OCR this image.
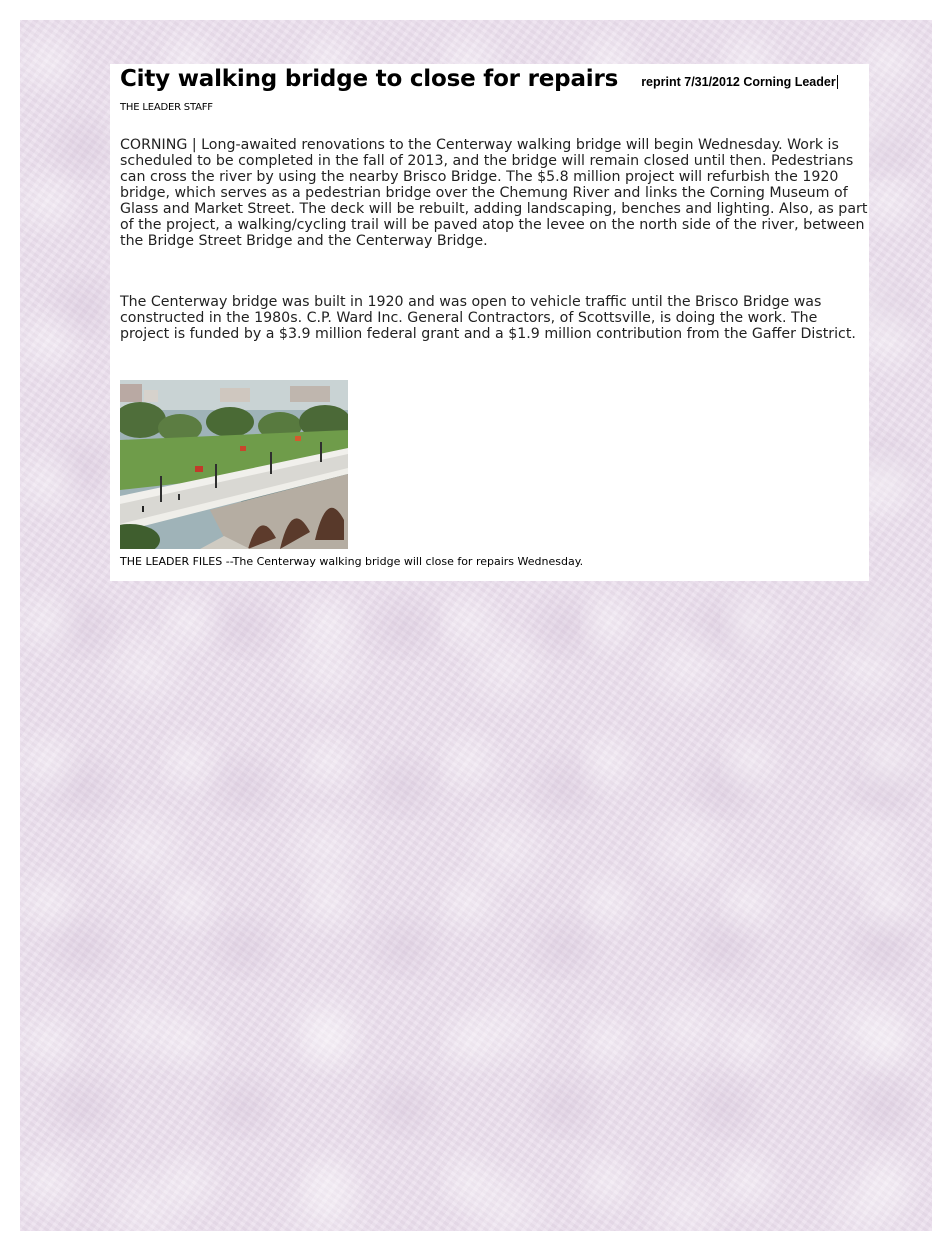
City walking bridge to close for repairs reprint 7/31/2012 Corning Leader
THE LEADER STAFF

CORNING | Long-awaited renovations to the Centerway walking bridge will begin Wednesday. Work is scheduled to be completed in the fall of 2013, and the bridge will remain closed until then. Pedestrians can cross the river by using the nearby Brisco Bridge. The $5.8 million project will refurbish the 1920 bridge, which serves as a pedestrian bridge over the Chemung River and links the Corning Museum of Glass and Market Street. The deck will be rebuilt, adding landscaping, benches and lighting. Also, as part of the project, a walking/cycling trail will be paved atop the levee on the north side of the river, between the Bridge Street Bridge and the Centerway Bridge.

The Centerway bridge was built in 1920 and was open to vehicle traffic until the Brisco Bridge was constructed in the 1980s. C.P. Ward Inc. General Contractors, of Scottsville, is doing the work. The project is funded by a $3.9 million federal grant and a $1.9 million contribution from the Gaffer District.

THE LEADER FILES --The Centerway walking bridge will close for repairs Wednesday.
